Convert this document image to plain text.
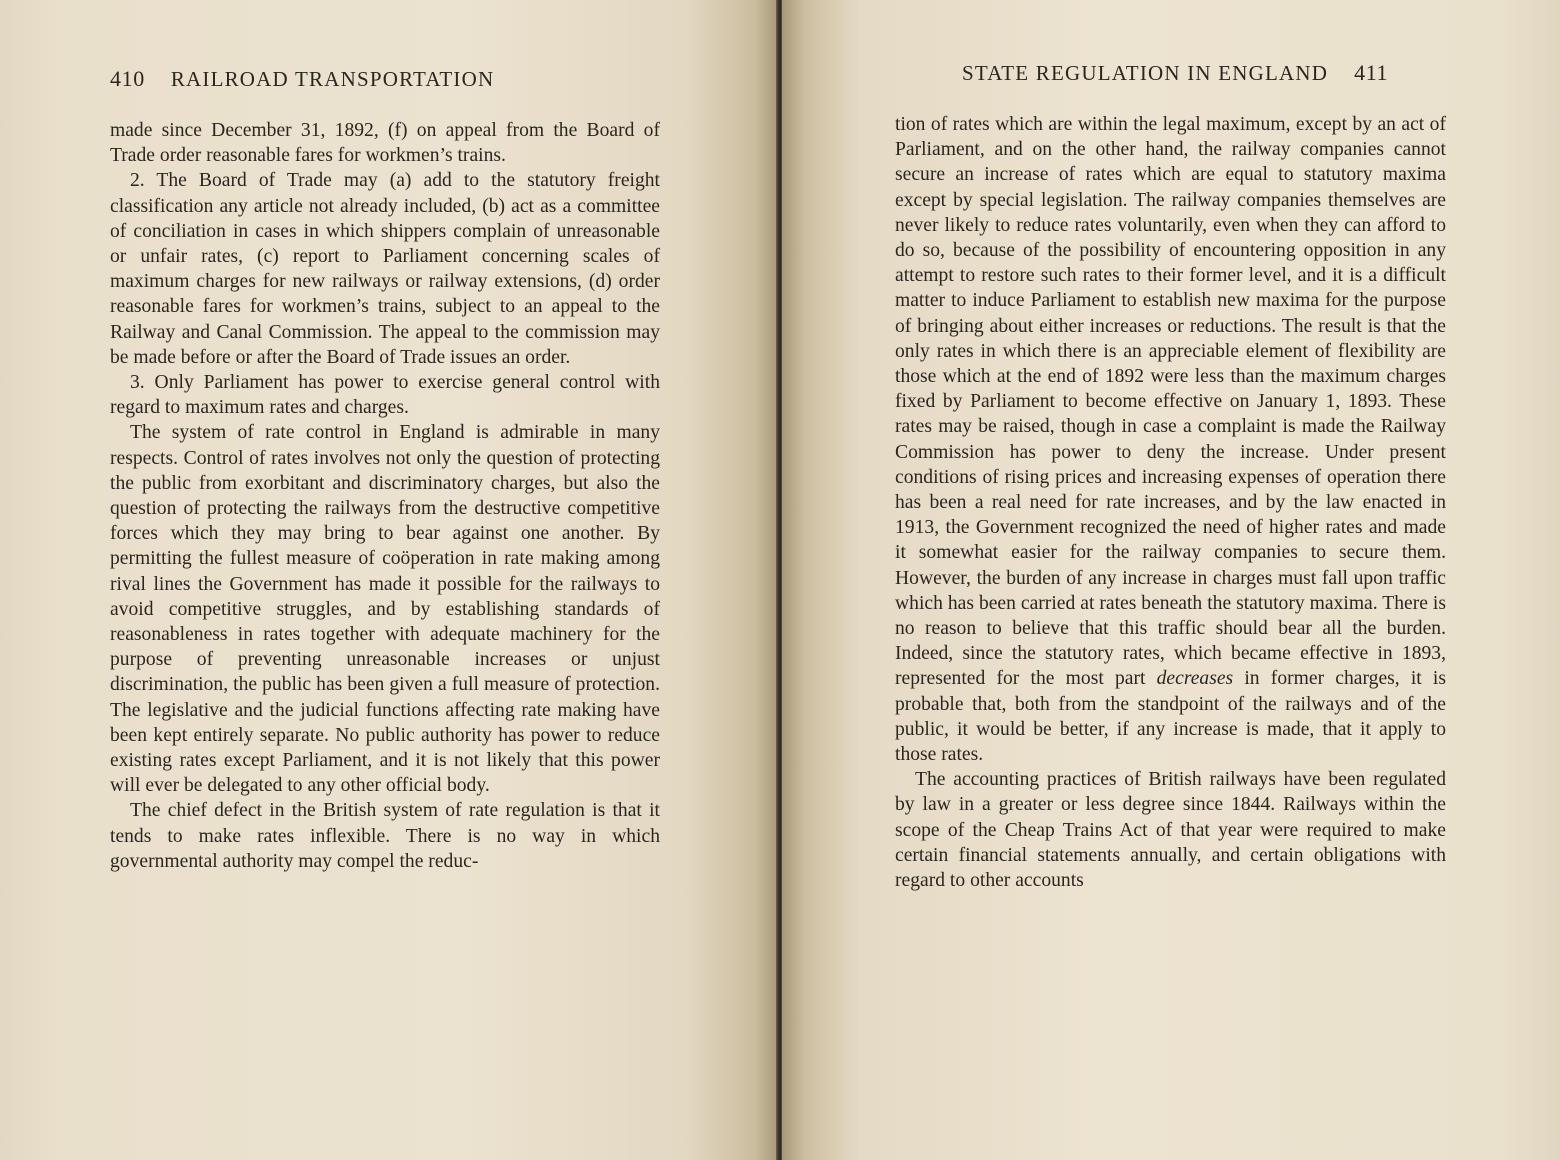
410 RAILROAD TRANSPORTATION

made since December 31, 1892, (f) on appeal from the Board of Trade order reasonable fares for workmen’s trains.

2. The Board of Trade may (a) add to the statutory freight classification any article not already included, (b) act as a committee of conciliation in cases in which shippers complain of unreasonable or unfair rates, (c) report to Parliament concerning scales of maximum charges for new railways or railway extensions, (d) order reasonable fares for workmen’s trains, subject to an appeal to the Railway and Canal Commission. The appeal to the commission may be made before or after the Board of Trade issues an order.

3. Only Parliament has power to exercise general control with regard to maximum rates and charges.

The system of rate control in England is admirable in many respects. Control of rates involves not only the question of protecting the public from exorbitant and discriminatory charges, but also the question of protecting the railways from the destructive competitive forces which they may bring to bear against one another. By permitting the fullest measure of coöperation in rate making among rival lines the Government has made it possible for the railways to avoid competitive struggles, and by establishing standards of reasonableness in rates together with adequate machinery for the purpose of preventing unreasonable increases or unjust discrimination, the public has been given a full measure of protection. The legislative and the judicial functions affecting rate making have been kept entirely separate. No public authority has power to reduce existing rates except Parliament, and it is not likely that this power will ever be delegated to any other official body.

The chief defect in the British system of rate regulation is that it tends to make rates inflexible. There is no way in which governmental authority may compel the reduc-

STATE REGULATION IN ENGLAND 411

tion of rates which are within the legal maximum, except by an act of Parliament, and on the other hand, the railway companies cannot secure an increase of rates which are equal to statutory maxima except by special legislation. The railway companies themselves are never likely to reduce rates voluntarily, even when they can afford to do so, because of the possibility of encountering opposition in any attempt to restore such rates to their former level, and it is a difficult matter to induce Parliament to establish new maxima for the purpose of bringing about either increases or reductions. The result is that the only rates in which there is an appreciable element of flexibility are those which at the end of 1892 were less than the maximum charges fixed by Parliament to become effective on January 1, 1893. These rates may be raised, though in case a complaint is made the Railway Commission has power to deny the increase. Under present conditions of rising prices and increasing expenses of operation there has been a real need for rate increases, and by the law enacted in 1913, the Government recognized the need of higher rates and made it somewhat easier for the railway companies to secure them. However, the burden of any increase in charges must fall upon traffic which has been carried at rates beneath the statutory maxima. There is no reason to believe that this traffic should bear all the burden. Indeed, since the statutory rates, which became effective in 1893, represented for the most part decreases in former charges, it is probable that, both from the standpoint of the railways and of the public, it would be better, if any increase is made, that it apply to those rates.

The accounting practices of British railways have been regulated by law in a greater or less degree since 1844. Railways within the scope of the Cheap Trains Act of that year were required to make certain financial statements annually, and certain obligations with regard to other accounts
